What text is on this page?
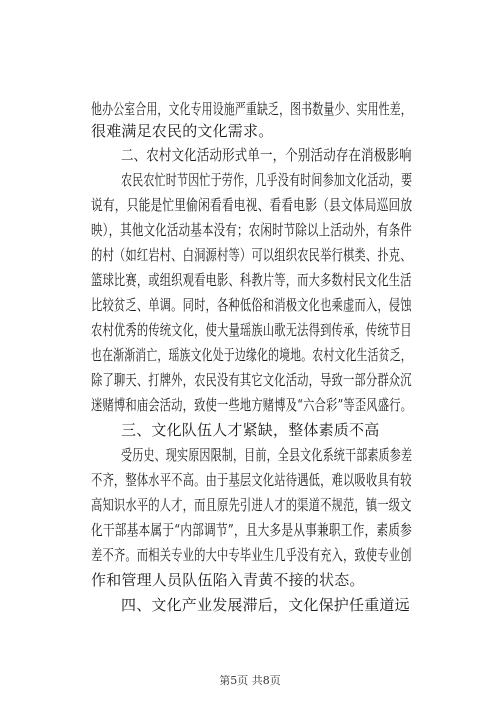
他办公室合用，文化专用设施严重缺乏，图书数量少、实用性差，
很难满足农民的文化需求。
二、农村文化活动形式单一，个别活动存在消极影响
农民农忙时节因忙于劳作，几乎没有时间参加文化活动，要
说有，只能是忙里偷闲看看电视、看看电影（县文体局巡回放
映），其他文化活动基本没有；农闲时节除以上活动外，有条件
的村（如红岩村、白洞源村等）可以组织农民举行棋类、扑克、
篮球比赛，或组织观看电影、科教片等，而大多数村民文化生活
比较贫乏、单调。同时，各种低俗和消极文化也乘虚而入，侵蚀
农村优秀的传统文化，使大量瑶族山歌无法得到传承，传统节目
也在渐渐消亡，瑶族文化处于边缘化的境地。农村文化生活贫乏，
除了聊天、打牌外，农民没有其它文化活动，导致一部分群众沉
迷赌博和庙会活动，致使一些地方赌博及“六合彩”等歪风盛行。
三、文化队伍人才紧缺，整体素质不高
受历史、现实原因限制，目前，全县文化系统干部素质参差
不齐，整体水平不高。由于基层文化站待遇低，难以吸收具有较
高知识水平的人才，而且原先引进人才的渠道不规范，镇一级文
化干部基本属于“内部调节”，且大多是从事兼职工作，素质参
差不齐。而相关专业的大中专毕业生几乎没有充入，致使专业创
作和管理人员队伍陷入青黄不接的状态。
四、文化产业发展滞后，文化保护任重道远
第5页 共8页
